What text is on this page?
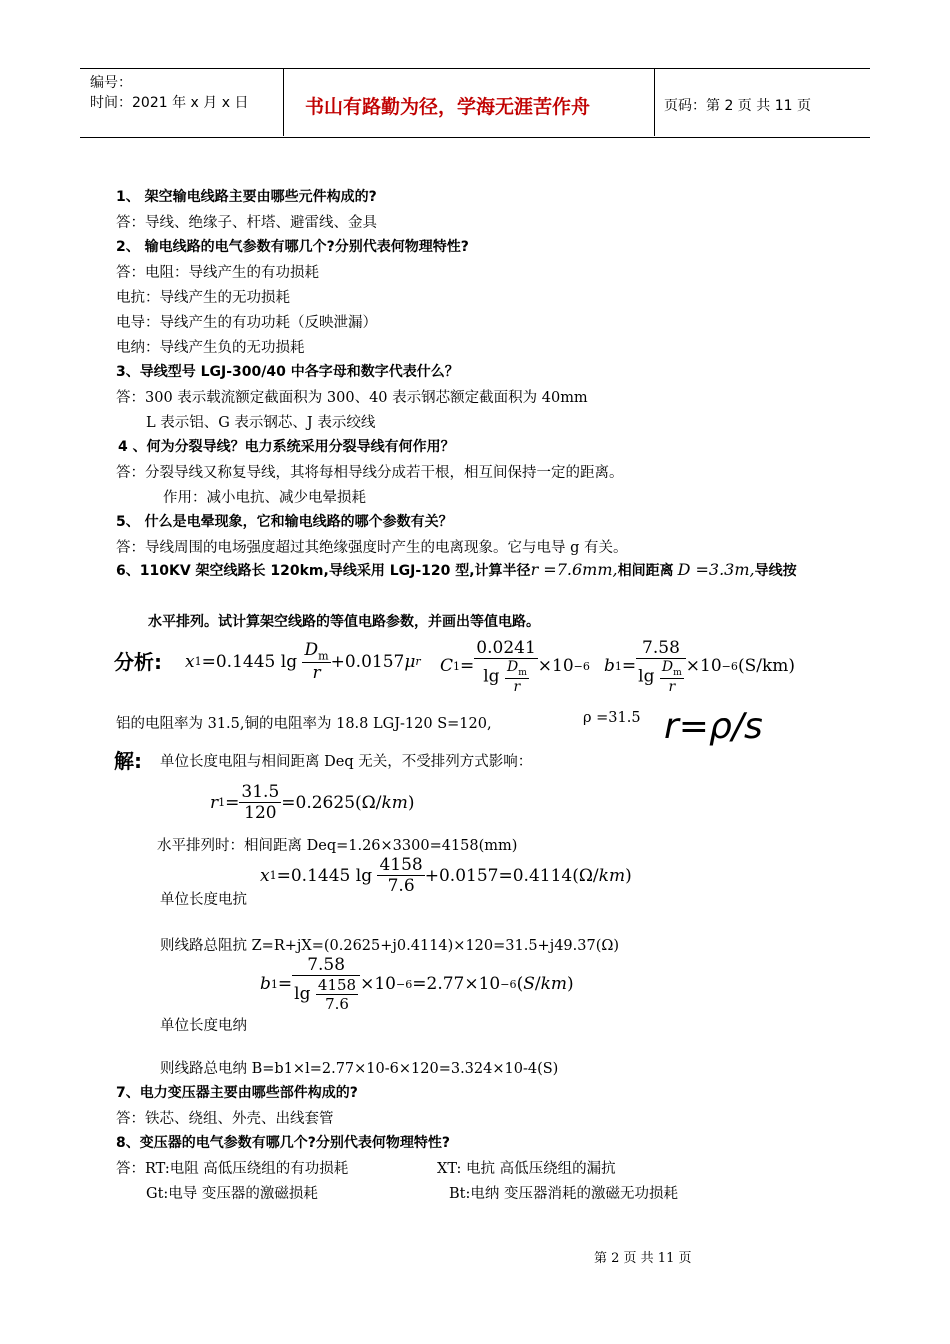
编号：
时间：2021 年 x 月 x 日	书山有路勤为径，学海无涯苦作舟	页码：第 2 页 共 11 页
1、 架空输电线路主要由哪些元件构成的?
答：导线、绝缘子、杆塔、避雷线、金具
2、 输电线路的电气参数有哪几个?分别代表何物理特性?
答：电阻：导线产生的有功损耗
电抗：导线产生的无功损耗
电导：导线产生的有功功耗（反映泄漏）
电纳：导线产生负的无功损耗
3、导线型号 LGJ-300/40 中各字母和数字代表什么？
答：300 表示载流额定截面积为 300、40 表示钢芯额定截面积为 40mm
L 表示铝、G 表示钢芯、J 表示绞线
4 、何为分裂导线？电力系统采用分裂导线有何作用？
答：分裂导线又称复导线，其将每相导线分成若干根，相互间保持一定的距离。
作用：减小电抗、减少电晕损耗
5、 什么是电晕现象，它和输电线路的哪个参数有关？
答：导线周围的电场强度超过其绝缘强度时产生的电离现象。它与电导 g 有关。
6、110KV 架空线路长 120km,导线采用 LGJ-120 型,计算半径r =7.6mm,相间距离 D =3.3m,导线按
水平排列。试计算架空线路的等值电路参数，并画出等值电路。
分析: x 1 =0.1445 $\lg \frac{D_m}{r} +0.0157$ μ r C $1 = \frac{0.0241}{\lg \frac{D_m}{r}} \times 10 -6$ b $1 = \frac{7.58}{\lg \frac{D_m}{r}} \times 10 -6$ (S/km)
铝的电阻率为 31.5,铜的电阻率为 18.8 LGJ-120 S=120,	ρ =31.5 r=ρ/s
解: 单位长度电阻与相间距离 Deq 无关，不受排列方式影响：
r $1 = \frac{31.5}{120} =0.2625(\Omega/$ km )
水平排列时：相间距离 Deq=1.26×3300=4158(mm)
x 1 =0.1445 $\lg \frac{4158}{7.6} +0.0157=0.4114(\Omega/$ km )
单位长度电抗
则线路总阻抗 Z=R+jX=(0.2625+j0.4114)×120=31.5+j49.37(Ω)
b $1 = \frac{7.58}{\lg \frac{4158}{7.6}} \times 10 -6 =2.77\times 10 -6$ ( S / km )
单位长度电纳
则线路总电纳 B=b1×l=2.77×10-6×120=3.324×10-4(S)
7、电力变压器主要由哪些部件构成的?
答：铁芯、绕组、外壳、出线套管
8、变压器的电气参数有哪几个?分别代表何物理特性?
答：RT:电阻 高低压绕组的有功损耗	XT: 电抗 高低压绕组的漏抗
Gt:电导 变压器的激磁损耗	Bt:电纳 变压器消耗的激磁无功损耗
第 2 页 共 11 页
